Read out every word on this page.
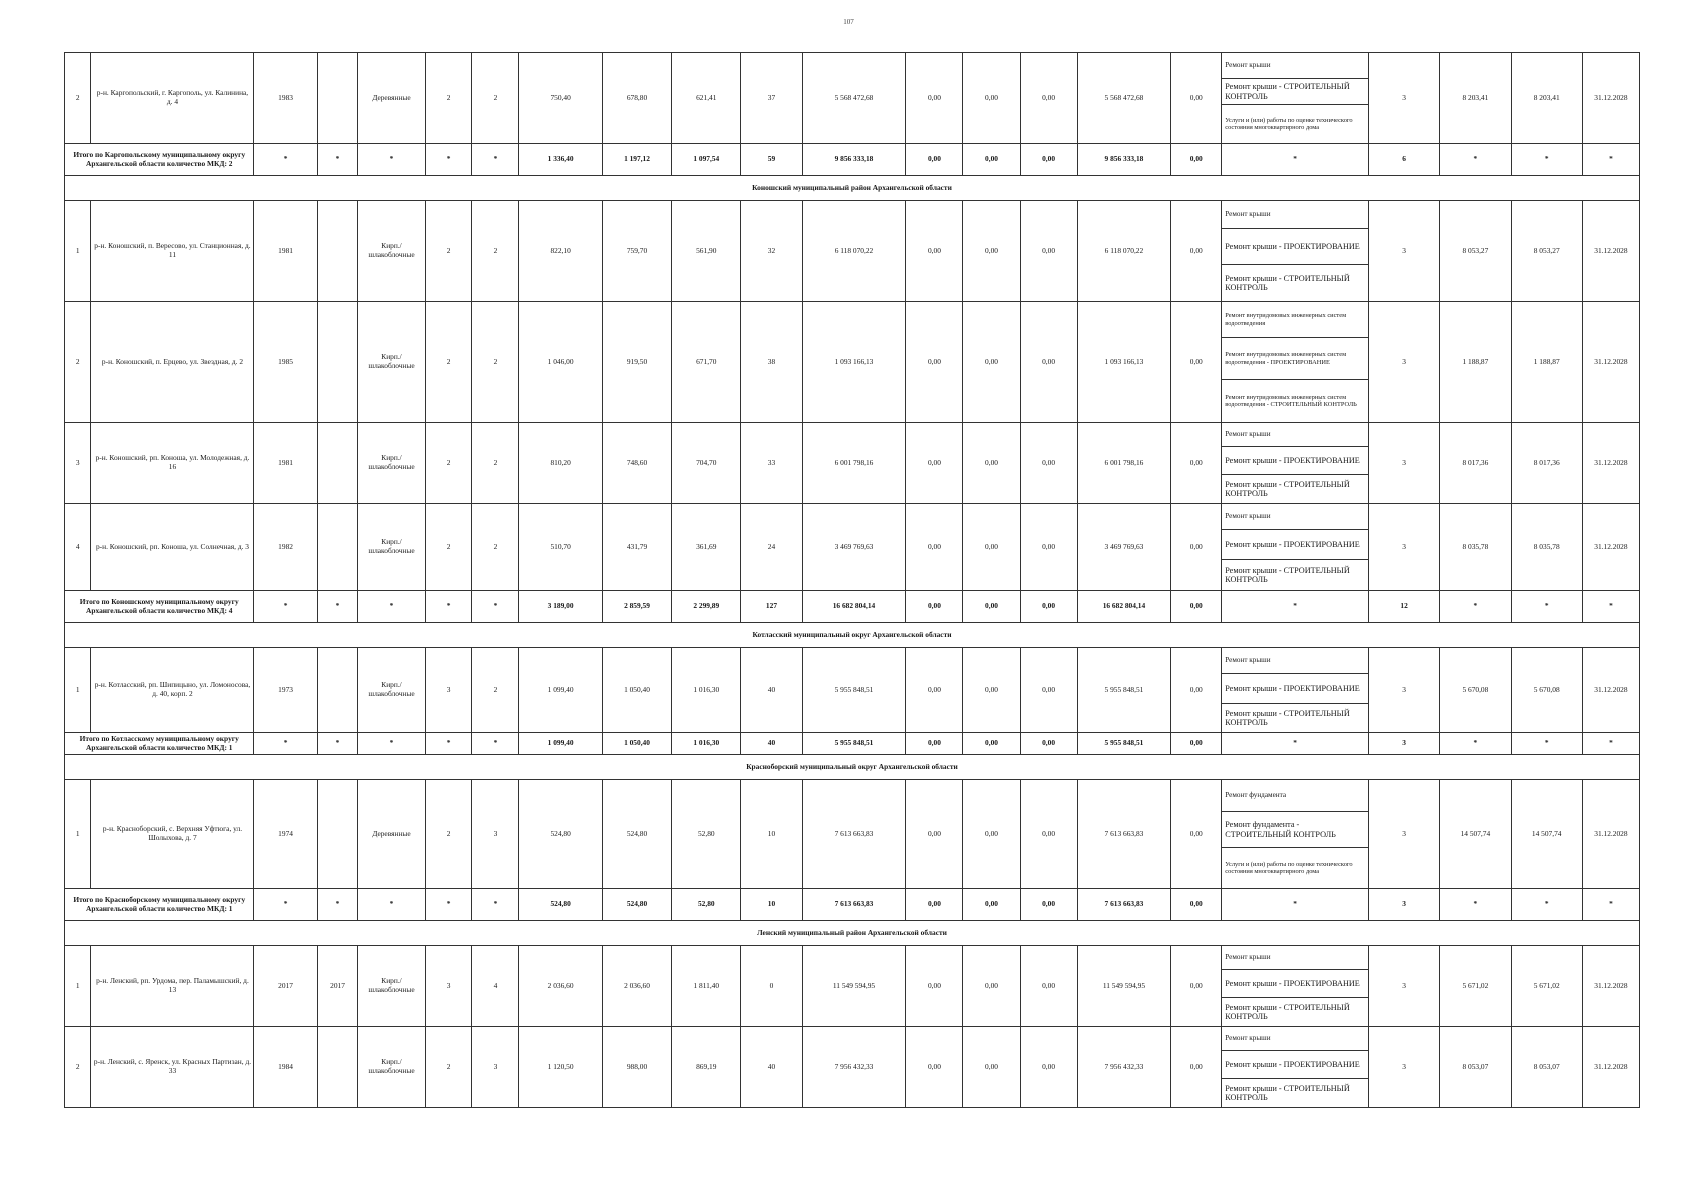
107
2	р-н. Каргопольский, г. Каргополь, ул. Калинина, д. 4	1983		Деревянные	2	2	750,40	678,80	621,41	37	5 568 472,68	0,00	0,00	0,00	5 568 472,68	0,00	Ремонт крыши
Ремонт крыши - СТРОИТЕЛЬНЫЙ КОНТРОЛЬ
Услуги и (или) работы по оценке технического состояния многоквартирного дома	3	8 203,41	8 203,41	31.12.2028
Итого по Каргопольскому муниципальному округу Архангельской области количество МКД: 2		*	*	*	*	*	1 336,40	1 197,12	1 097,54	59	9 856 333,18	0,00	0,00	0,00	9 856 333,18	0,00	*	6	*	*	*
Коношский муниципальный район Архангельской области																					
1	р-н. Коношский, п. Вересово, ул. Станционная, д. 11	1981		Кирп./ шлакоблочные	2	2	822,10	759,70	561,90	32	6 118 070,22	0,00	0,00	0,00	6 118 070,22	0,00	Ремонт крыши
Ремонт крыши - ПРОЕКТИРОВАНИЕ
Ремонт крыши - СТРОИТЕЛЬНЫЙ КОНТРОЛЬ	3	8 053,27	8 053,27	31.12.2028
2	р-н. Коношский, п. Ерцево, ул. Звездная, д. 2	1985		Кирп./ шлакоблочные	2	2	1 046,00	919,50	671,70	38	1 093 166,13	0,00	0,00	0,00	1 093 166,13	0,00	Ремонт внутридомовых инженерных систем водоотведения
Ремонт внутридомовых инженерных систем водоотведения - ПРОЕКТИРОВАНИЕ
Ремонт внутридомовых инженерных систем водоотведения - СТРОИТЕЛЬНЫЙ КОНТРОЛЬ	3	1 188,87	1 188,87	31.12.2028
3	р-н. Коношский, рп. Коноша, ул. Молодежная, д. 16	1981		Кирп./ шлакоблочные	2	2	810,20	748,60	704,70	33	6 001 798,16	0,00	0,00	0,00	6 001 798,16	0,00	Ремонт крыши
Ремонт крыши - ПРОЕКТИРОВАНИЕ
Ремонт крыши - СТРОИТЕЛЬНЫЙ КОНТРОЛЬ	3	8 017,36	8 017,36	31.12.2028
4	р-н. Коношский, рп. Коноша, ул. Солнечная, д. 3	1982		Кирп./ шлакоблочные	2	2	510,70	431,79	361,69	24	3 469 769,63	0,00	0,00	0,00	3 469 769,63	0,00	Ремонт крыши
Ремонт крыши - ПРОЕКТИРОВАНИЕ
Ремонт крыши - СТРОИТЕЛЬНЫЙ КОНТРОЛЬ	3	8 035,78	8 035,78	31.12.2028
Итого по Коношскому муниципальному округу Архангельской области количество МКД: 4		*	*	*	*	*	3 189,00	2 859,59	2 299,89	127	16 682 804,14	0,00	0,00	0,00	16 682 804,14	0,00	*	12	*	*	*
Котласский муниципальный округ Архангельской области																					
1	р-н. Котласский, рп. Шипицыно, ул. Ломоносова, д. 40, корп. 2	1973		Кирп./ шлакоблочные	3	2	1 099,40	1 050,40	1 016,30	40	5 955 848,51	0,00	0,00	0,00	5 955 848,51	0,00	Ремонт крыши
Ремонт крыши - ПРОЕКТИРОВАНИЕ
Ремонт крыши - СТРОИТЕЛЬНЫЙ КОНТРОЛЬ	3	5 670,08	5 670,08	31.12.2028
Итого по Котласскому муниципальному округу Архангельской области количество МКД: 1		*	*	*	*	*	1 099,40	1 050,40	1 016,30	40	5 955 848,51	0,00	0,00	0,00	5 955 848,51	0,00	*	3	*	*	*
Красноборский муниципальный округ Архангельской области																					
1	р-н. Красноборский, с. Верхняя Уфтюга, ул. Шолыхова, д. 7	1974		Деревянные	2	3	524,80	524,80	52,80	10	7 613 663,83	0,00	0,00	0,00	7 613 663,83	0,00	Ремонт фундамента
Ремонт фундамента - СТРОИТЕЛЬНЫЙ КОНТРОЛЬ
Услуги и (или) работы по оценке технического состояния многоквартирного дома	3	14 507,74	14 507,74	31.12.2028
Итого по Красноборскому муниципальному округу Архангельской области количество МКД: 1		*	*	*	*	*	524,80	524,80	52,80	10	7 613 663,83	0,00	0,00	0,00	7 613 663,83	0,00	*	3	*	*	*
Ленский муниципальный район Архангельской области																					
1	р-н. Ленский, рп. Урдома, пер. Паламышский, д. 13	2017	2017	Кирп./ шлакоблочные	3	4	2 036,60	2 036,60	1 811,40	0	11 549 594,95	0,00	0,00	0,00	11 549 594,95	0,00	Ремонт крыши
Ремонт крыши - ПРОЕКТИРОВАНИЕ
Ремонт крыши - СТРОИТЕЛЬНЫЙ КОНТРОЛЬ	3	5 671,02	5 671,02	31.12.2028
2	р-н. Ленский, с. Яренск, ул. Красных Партизан, д. 33	1984		Кирп./ шлакоблочные	2	3	1 120,50	988,00	869,19	40	7 956 432,33	0,00	0,00	0,00	7 956 432,33	0,00	Ремонт крыши
Ремонт крыши - ПРОЕКТИРОВАНИЕ
Ремонт крыши - СТРОИТЕЛЬНЫЙ КОНТРОЛЬ	3	8 053,07	8 053,07	31.12.2028
